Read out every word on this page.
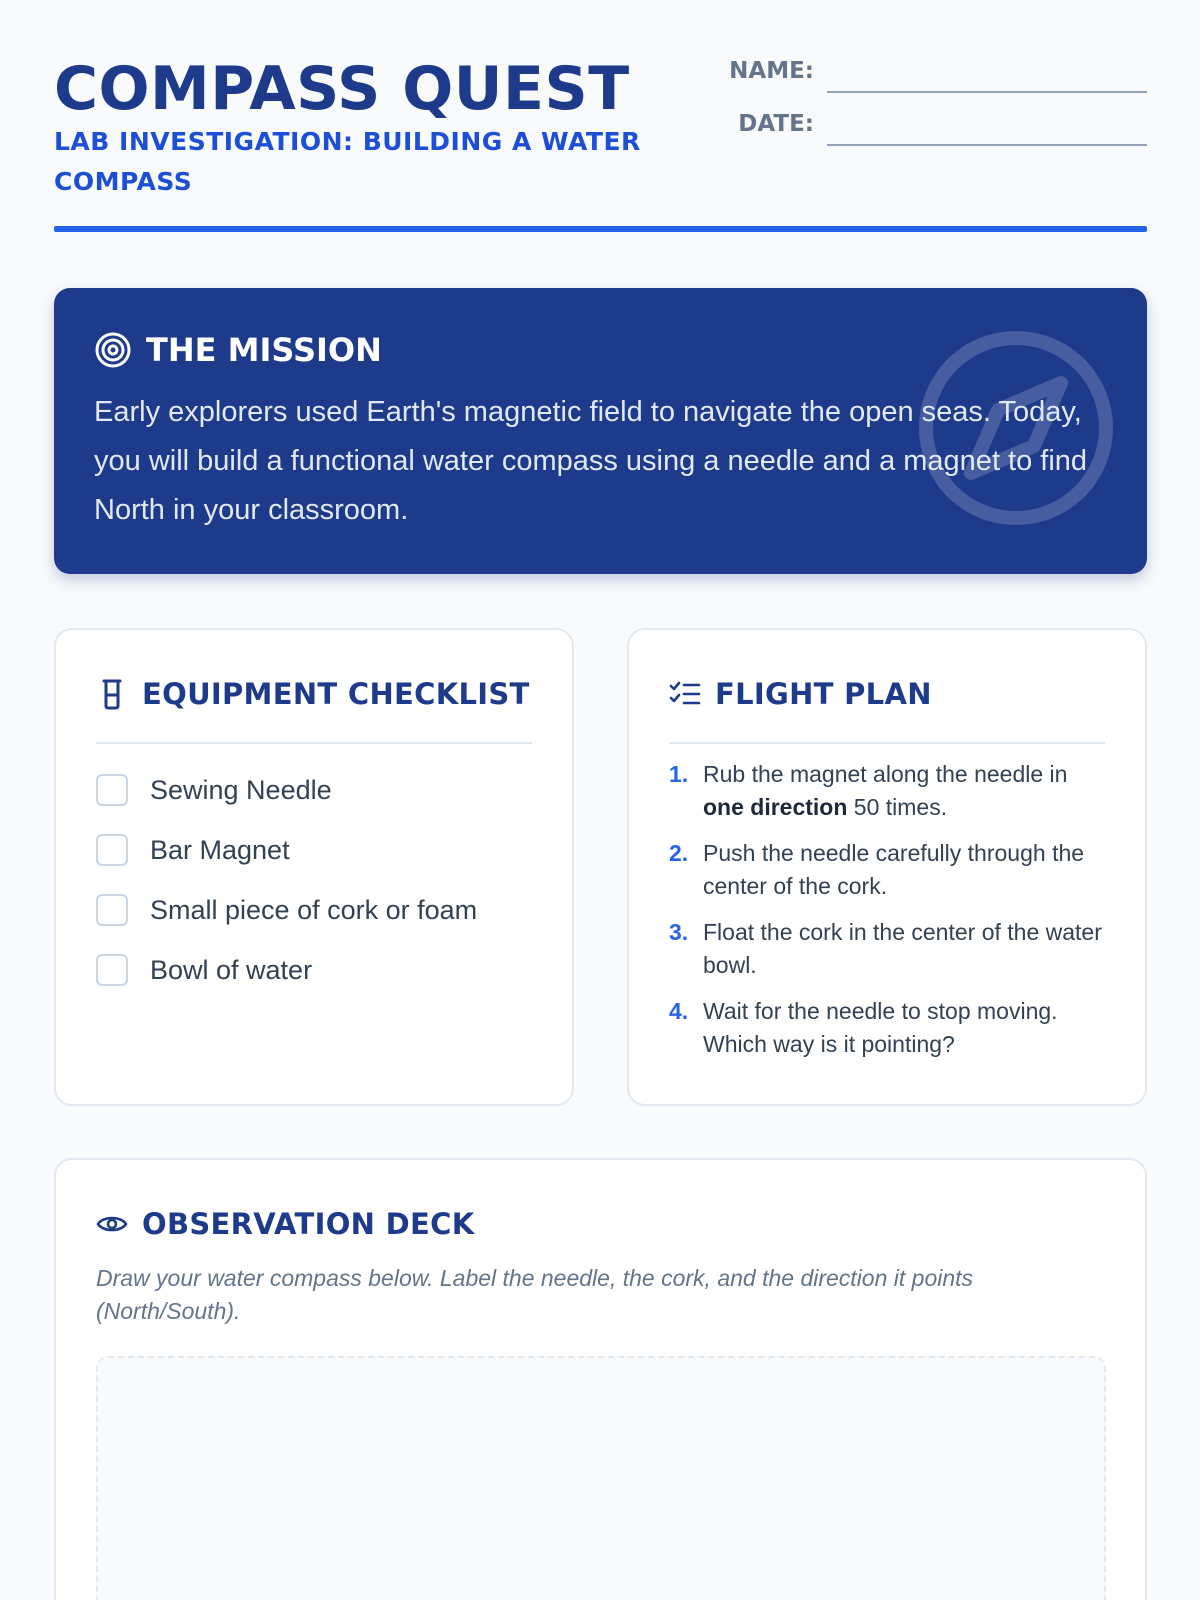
COMPASS QUEST
LAB INVESTIGATION: BUILDING A WATER COMPASS
NAME:
DATE:
THE MISSION
Early explorers used Earth's magnetic field to navigate the open seas. Today, you will build a functional water compass using a needle and a magnet to find North in your classroom.
EQUIPMENT CHECKLIST
Sewing Needle
Bar Magnet
Small piece of cork or foam
Bowl of water
FLIGHT PLAN
1. Rub the magnet along the needle in one direction 50 times.
2. Push the needle carefully through the center of the cork.
3. Float the cork in the center of the water bowl.
4. Wait for the needle to stop moving. Which way is it pointing?
OBSERVATION DECK
Draw your water compass below. Label the needle, the cork, and the direction it points (North/South).
